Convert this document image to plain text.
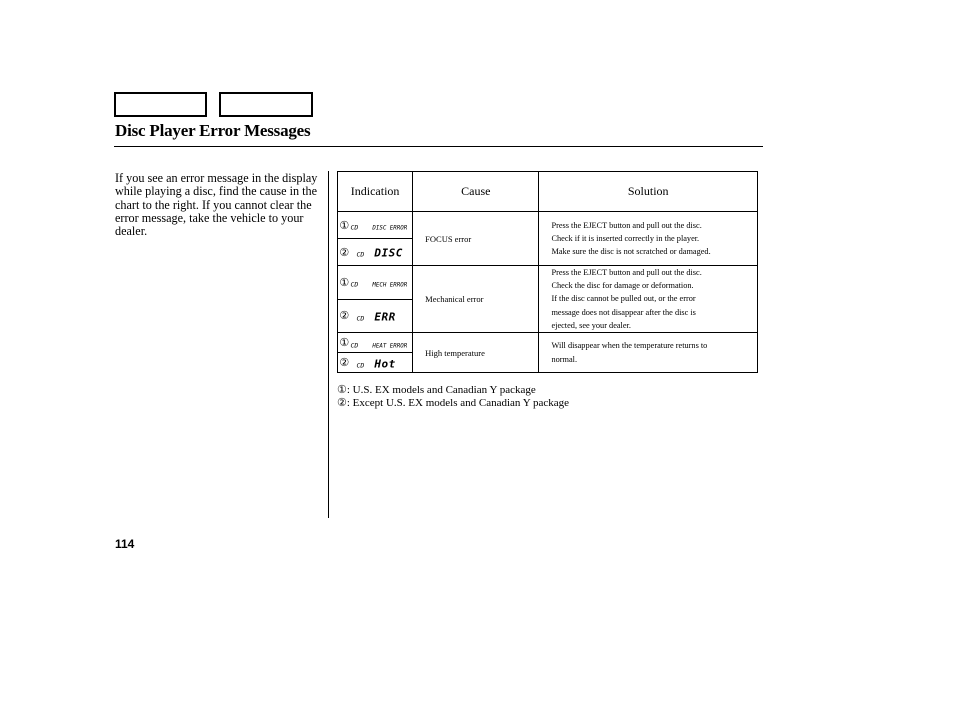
Disc Player Error Messages
If you see an error message in the display while playing a disc, find the cause in the chart to the right. If you cannot clear the error message, take the vehicle to your dealer.
Indication		Cause	Solution
①	CD DISC ERROR	FOCUS error	Press the EJECT button and pull out the disc.
Check if it is inserted correctly in the player.
Make sure the disc is not scratched or damaged.

②	CD DISC		

①	CD MECH ERROR	Mechanical error	Press the EJECT button and pull out the disc.
Check the disc for damage or deformation.
If the disc cannot be pulled out, or the error
message does not disappear after the disc is
ejected, see your dealer.

②	CD ERR		

①	CD HEAT ERROR	High temperature	Will disappear when the temperature returns to
normal.

②	CD Hot		
①: U.S. EX models and Canadian Y package
②: Except U.S. EX models and Canadian Y package
114
